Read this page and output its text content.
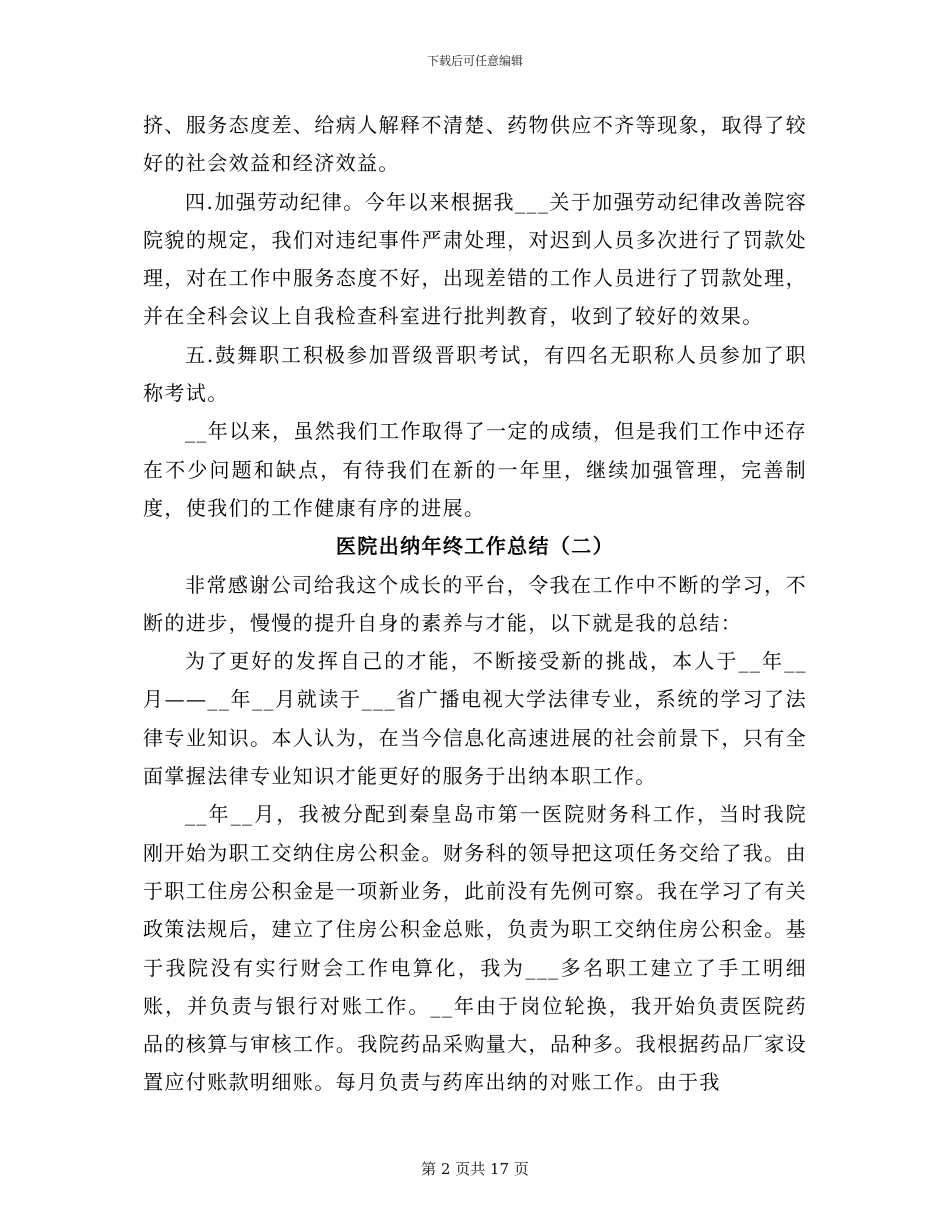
下载后可任意编辑

挤、服务态度差、给病人解释不清楚、药物供应不齐等现象，取得了较好的社会效益和经济效益。

四.加强劳动纪律。今年以来根据我___关于加强劳动纪律改善院容院貌的规定，我们对违纪事件严肃处理，对迟到人员多次进行了罚款处理，对在工作中服务态度不好，出现差错的工作人员进行了罚款处理，并在全科会议上自我检查科室进行批判教育，收到了较好的效果。

五.鼓舞职工积极参加晋级晋职考试，有四名无职称人员参加了职称考试。

__年以来，虽然我们工作取得了一定的成绩，但是我们工作中还存在不少问题和缺点，有待我们在新的一年里，继续加强管理，完善制度，使我们的工作健康有序的进展。

医院出纳年终工作总结（二）

非常感谢公司给我这个成长的平台，令我在工作中不断的学习，不断的进步，慢慢的提升自身的素养与才能，以下就是我的总结：

为了更好的发挥自己的才能，不断接受新的挑战，本人于__年__月——__年__月就读于___省广播电视大学法律专业，系统的学习了法律专业知识。本人认为，在当今信息化高速进展的社会前景下，只有全面掌握法律专业知识才能更好的服务于出纳本职工作。

__年__月，我被分配到秦皇岛市第一医院财务科工作，当时我院刚开始为职工交纳住房公积金。财务科的领导把这项任务交给了我。由于职工住房公积金是一项新业务，此前没有先例可察。我在学习了有关政策法规后，建立了住房公积金总账，负责为职工交纳住房公积金。基于我院没有实行财会工作电算化，我为___多名职工建立了手工明细账，并负责与银行对账工作。__年由于岗位轮换，我开始负责医院药品的核算与审核工作。我院药品采购量大，品种多。我根据药品厂家设置应付账款明细账。每月负责与药库出纳的对账工作。由于我

第 2 页共 17 页
